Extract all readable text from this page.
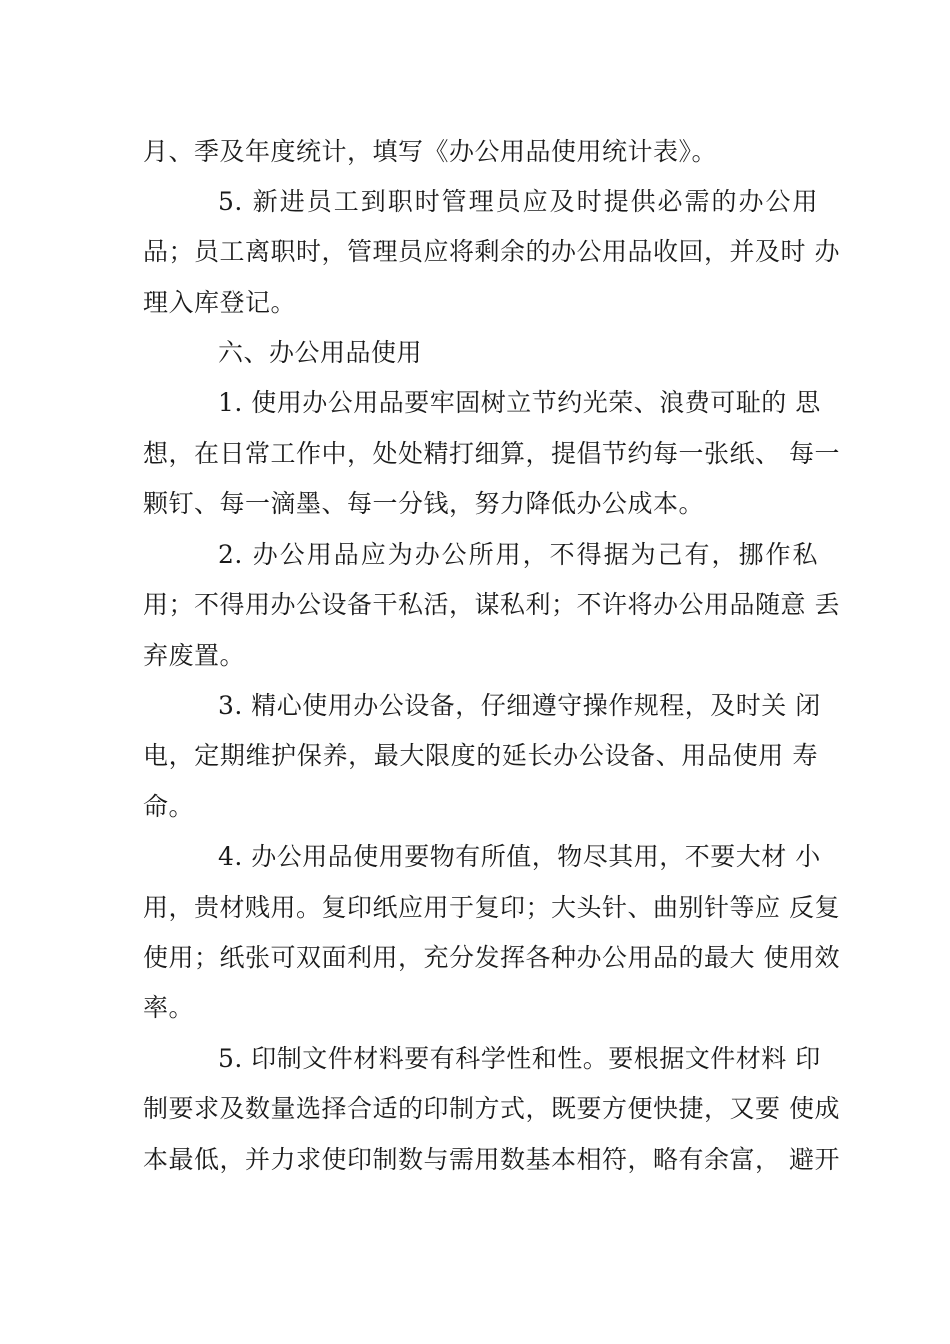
月、季及年度统计，填写《办公用品使用统计表》。
5. 新进员工到职时管理员应及时提供必需的办公用
品；员工离职时，管理员应将剩余的办公用品收回，并及时 办
理入库登记。
六、办公用品使用
1. 使用办公用品要牢固树立节约光荣、浪费可耻的 思
想，在日常工作中，处处精打细算，提倡节约每一张纸、 每一
颗钉、每一滴墨、每一分钱，努力降低办公成本。
2. 办公用品应为办公所用，不得据为己有，挪作私
用；不得用办公设备干私活，谋私利；不许将办公用品随意 丢
弃废置。
3. 精心使用办公设备，仔细遵守操作规程，及时关 闭
电，定期维护保养，最大限度的延长办公设备、用品使用 寿
命。
4. 办公用品使用要物有所值，物尽其用，不要大材 小
用，贵材贱用。复印纸应用于复印；大头针、曲别针等应 反复
使用；纸张可双面利用，充分发挥各种办公用品的最大 使用效
率。
5. 印制文件材料要有科学性和性。要根据文件材料 印
制要求及数量选择合适的印制方式，既要方便快捷，又要 使成
本最低，并力求使印制数与需用数基本相符，略有余富， 避开
